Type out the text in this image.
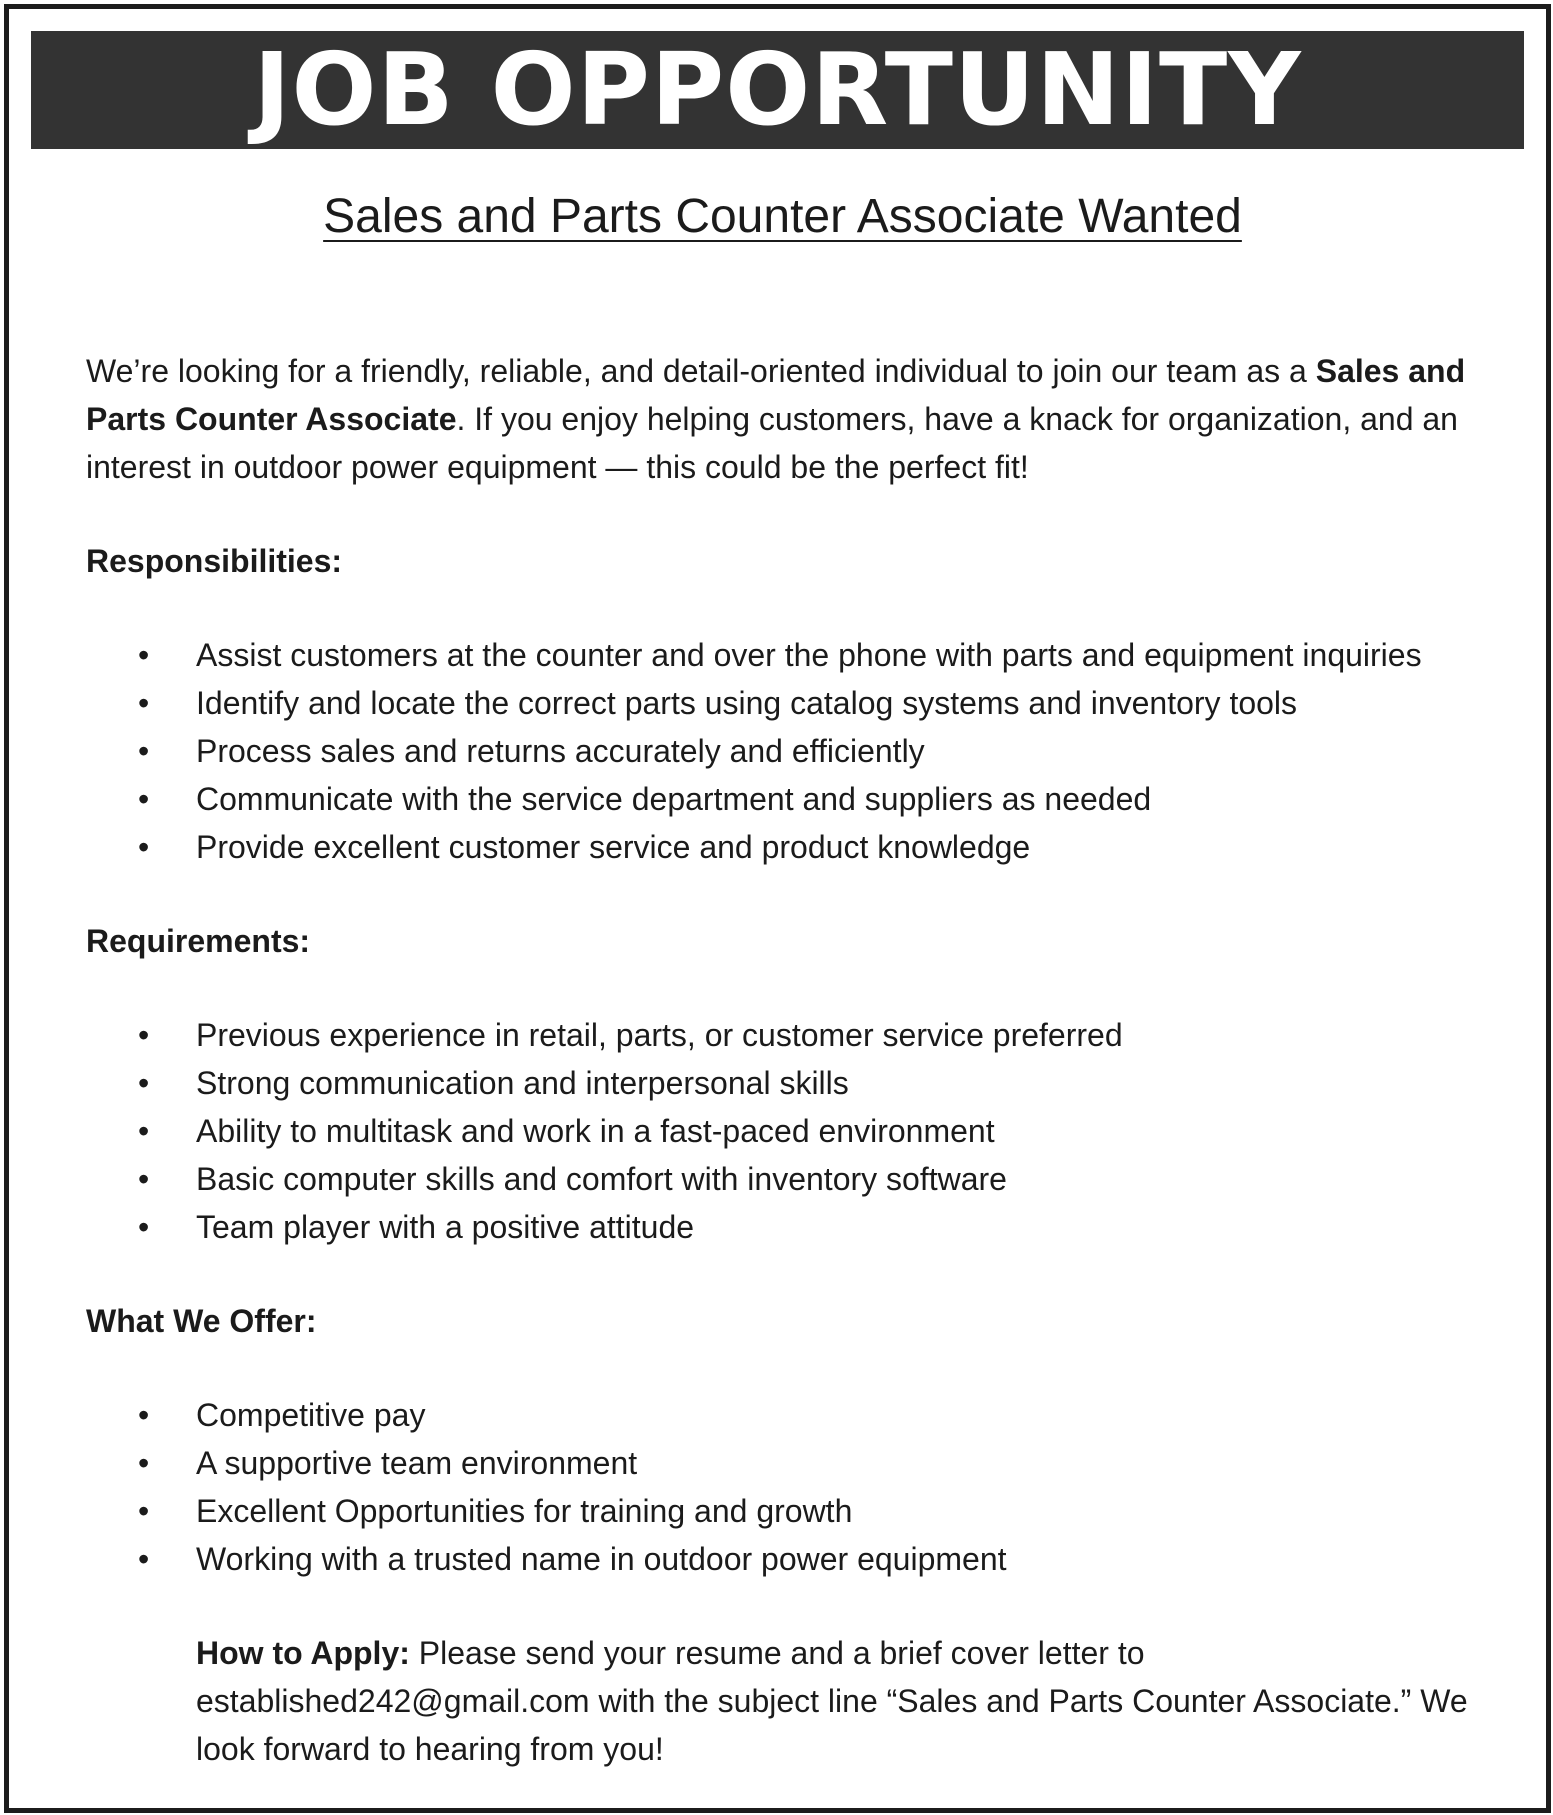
JOB OPPORTUNITY
Sales and Parts Counter Associate Wanted

We’re looking for a friendly, reliable, and detail-oriented individual to join our team as a Sales and Parts Counter Associate. If you enjoy helping customers, have a knack for organization, and an interest in outdoor power equipment — this could be the perfect fit!

Responsibilities:
• Assist customers at the counter and over the phone with parts and equipment inquiries
• Identify and locate the correct parts using catalog systems and inventory tools
• Process sales and returns accurately and efficiently
• Communicate with the service department and suppliers as needed
• Provide excellent customer service and product knowledge
Requirements:
• Previous experience in retail, parts, or customer service preferred
• Strong communication and interpersonal skills
• Ability to multitask and work in a fast-paced environment
• Basic computer skills and comfort with inventory software
• Team player with a positive attitude
What We Offer:
• Competitive pay
• A supportive team environment
• Excellent Opportunities for training and growth
• Working with a trusted name in outdoor power equipment

How to Apply: Please send your resume and a brief cover letter to established242@gmail.com with the subject line “Sales and Parts Counter Associate.” We look forward to hearing from you!
